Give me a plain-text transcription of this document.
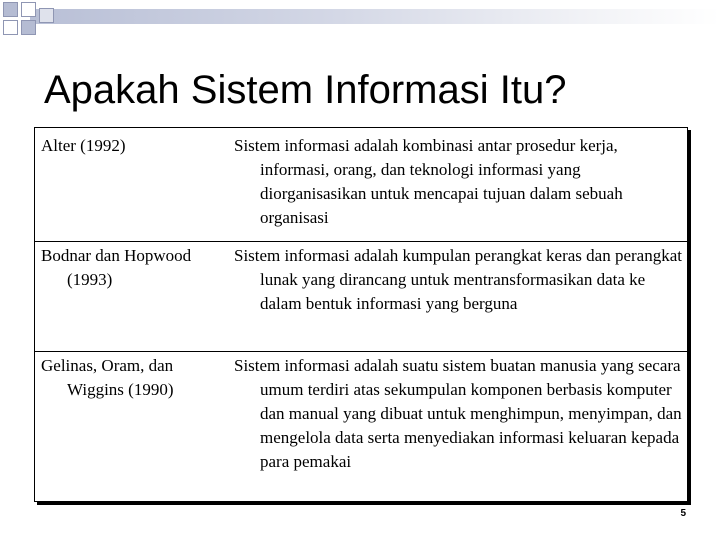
Apakah Sistem Informasi Itu?
Alter (1992)	Sistem informasi adalah kombinasi antar prosedur kerja, informasi, orang, dan teknologi informasi yang diorganisasikan untuk mencapai tujuan dalam sebuah organisasi
Bodnar dan Hopwood (1993)
Sistem informasi adalah kumpulan perangkat keras dan perangkat lunak yang dirancang untuk mentransformasikan data ke dalam bentuk informasi yang berguna
Gelinas, Oram, dan Wiggins (1990)
Sistem informasi adalah suatu sistem buatan manusia yang secara umum terdiri atas sekumpulan komponen berbasis komputer dan manual yang dibuat untuk menghimpun, menyimpan, dan mengelola data serta menyediakan informasi keluaran kepada para pemakai
5
